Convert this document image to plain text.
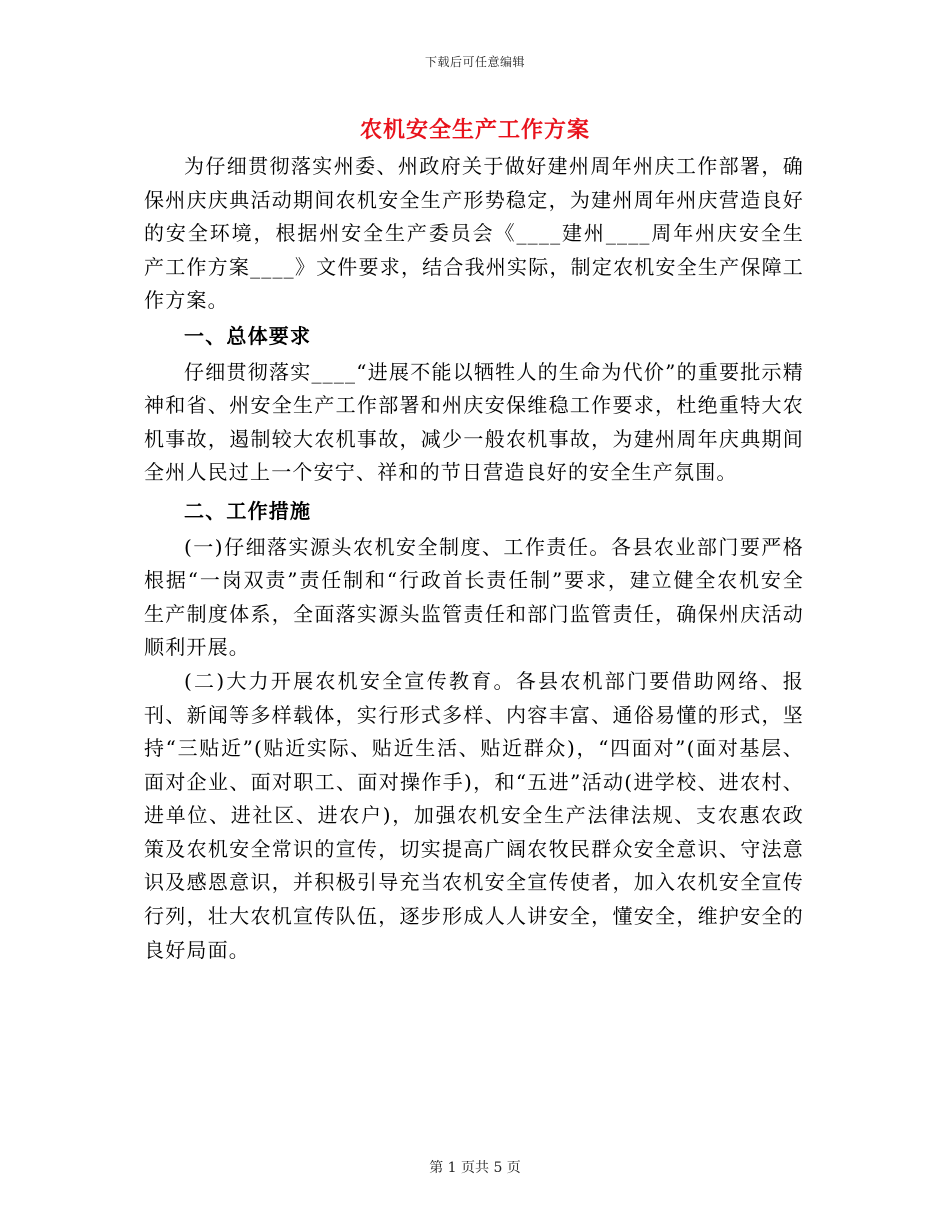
下载后可任意编辑
农机安全生产工作方案

为仔细贯彻落实州委、州政府关于做好建州周年州庆工作部署，确保州庆庆典活动期间农机安全生产形势稳定，为建州周年州庆营造良好的安全环境，根据州安全生产委员会《____建州____周年州庆安全生产工作方案____》文件要求，结合我州实际，制定农机安全生产保障工作方案。

一、总体要求

仔细贯彻落实____“进展不能以牺牲人的生命为代价”的重要批示精神和省、州安全生产工作部署和州庆安保维稳工作要求，杜绝重特大农机事故，遏制较大农机事故，减少一般农机事故，为建州周年庆典期间全州人民过上一个安宁、祥和的节日营造良好的安全生产氛围。

二、工作措施

(一)仔细落实源头农机安全制度、工作责任。各县农业部门要严格根据“一岗双责”责任制和“行政首长责任制”要求，建立健全农机安全生产制度体系，全面落实源头监管责任和部门监管责任，确保州庆活动顺利开展。

(二)大力开展农机安全宣传教育。各县农机部门要借助网络、报刊、新闻等多样载体，实行形式多样、内容丰富、通俗易懂的形式，坚持“三贴近”(贴近实际、贴近生活、贴近群众)，“四面对”(面对基层、面对企业、面对职工、面对操作手)，和“五进”活动(进学校、进农村、进单位、进社区、进农户)，加强农机安全生产法律法规、支农惠农政策及农机安全常识的宣传，切实提高广阔农牧民群众安全意识、守法意识及感恩意识，并积极引导充当农机安全宣传使者，加入农机安全宣传行列，壮大农机宣传队伍，逐步形成人人讲安全，懂安全，维护安全的良好局面。

第 1 页共 5 页
